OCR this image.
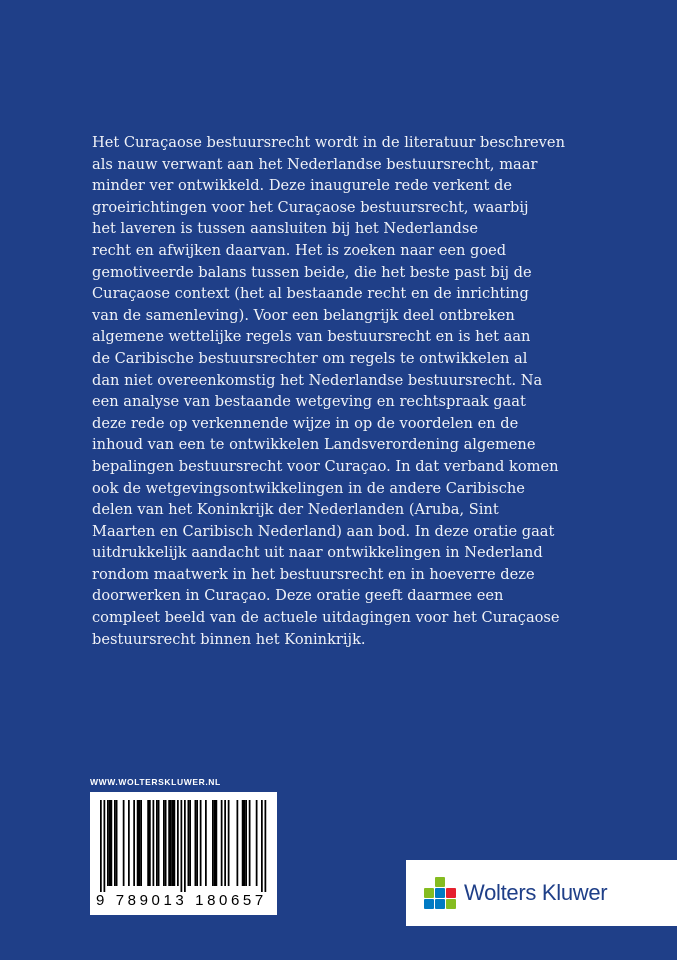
Het Curaçaose bestuursrecht wordt in de literatuur beschreven
als nauw verwant aan het Nederlandse bestuursrecht, maar
minder ver ontwikkeld. Deze inaugurele rede verkent de
groeirichtingen voor het Curaçaose bestuursrecht, waarbij
het laveren is tussen aansluiten bij het Nederlandse
recht en afwijken daarvan. Het is zoeken naar een goed
gemotiveerde balans tussen beide, die het beste past bij de
Curaçaose context (het al bestaande recht en de inrichting
van de samenleving). Voor een belangrijk deel ontbreken
algemene wettelijke regels van bestuursrecht en is het aan
de Caribische bestuursrechter om regels te ontwikkelen al
dan niet overeenkomstig het Nederlandse bestuursrecht. Na
een analyse van bestaande wetgeving en rechtspraak gaat
deze rede op verkennende wijze in op de voordelen en de
inhoud van een te ontwikkelen Landsverordening algemene
bepalingen bestuursrecht voor Curaçao. In dat verband komen
ook de wetgevingsontwikkelingen in de andere Caribische
delen van het Koninkrijk der Nederlanden (Aruba, Sint
Maarten en Caribisch Nederland) aan bod. In deze oratie gaat
uitdrukkelijk aandacht uit naar ontwikkelingen in Nederland
rondom maatwerk in het bestuursrecht en in hoeverre deze
doorwerken in Curaçao. Deze oratie geeft daarmee een
compleet beeld van de actuele uitdagingen voor het Curaçaose
bestuursrecht binnen het Koninkrijk.
WWW.WOLTERSKLUWER.NL
9 789013 180657	Wolters Kluwer
